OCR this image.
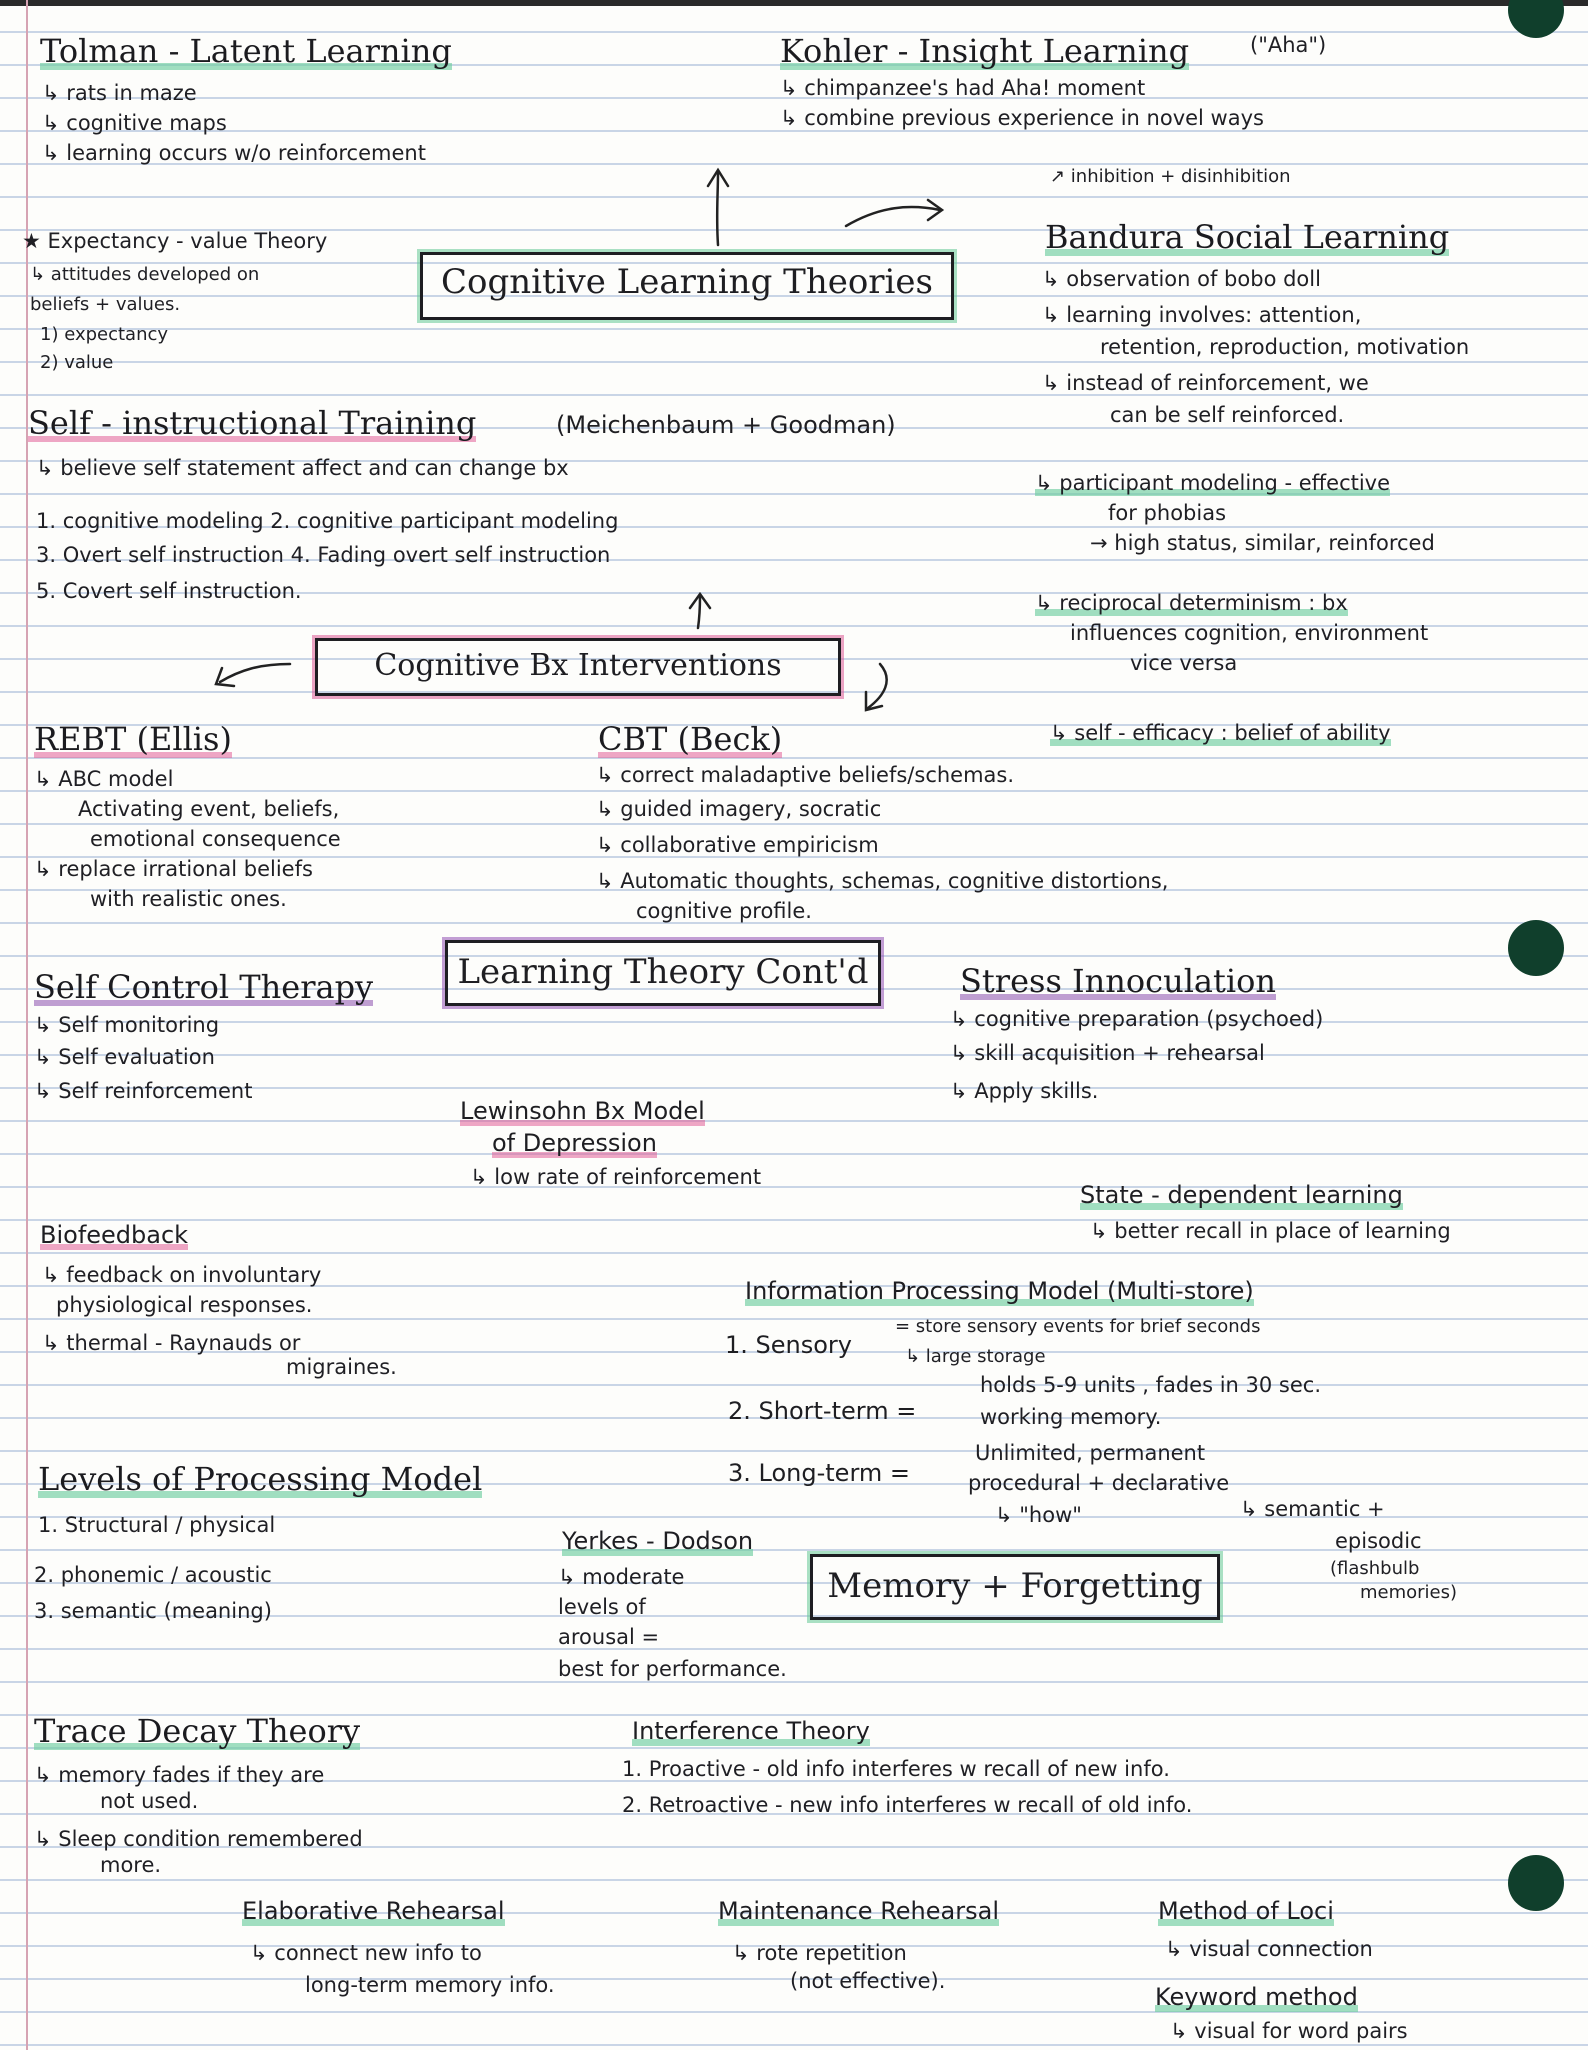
Tolman - Latent Learning
↳ rats in maze
↳ cognitive maps
↳ learning occurs w/o reinforcement
Kohler - Insight Learning	("Aha")
↳ chimpanzee's had Aha! moment
↳ combine previous experience in novel ways
★ Expectancy - value Theory
↳ attitudes developed on
beliefs + values.
1) expectancy
2) value
Cognitive Learning Theories
↗ inhibition + disinhibition
Bandura Social Learning
↳ observation of bobo doll
↳ learning involves: attention,
retention, reproduction, motivation
↳ instead of reinforcement, we
can be self reinforced.
↳ participant modeling - effective
for phobias
→ high status, similar, reinforced
↳ reciprocal determinism : bx
influences cognition, environment
vice versa
↳ self - efficacy : belief of ability
Self - instructional Training	(Meichenbaum + Goodman)
↳ believe self statement affect and can change bx
1. cognitive modeling 2. cognitive participant modeling
3. Overt self instruction 4. Fading overt self instruction
5. Covert self instruction.
Cognitive Bx Interventions
REBT (Ellis)
↳ ABC model
Activating event, beliefs,
emotional consequence
↳ replace irrational beliefs
with realistic ones.
CBT (Beck)
↳ correct maladaptive beliefs/schemas.
↳ guided imagery, socratic
↳ collaborative empiricism
↳ Automatic thoughts, schemas, cognitive distortions,
cognitive profile.
Learning Theory Cont'd
Self Control Therapy
↳ Self monitoring
↳ Self evaluation
↳ Self reinforcement
Stress Innoculation
↳ cognitive preparation (psychoed)
↳ skill acquisition + rehearsal
↳ Apply skills.
Lewinsohn Bx Model
of Depression
↳ low rate of reinforcement
State - dependent learning
↳ better recall in place of learning
Biofeedback
↳ feedback on involuntary
physiological responses.
↳ thermal - Raynauds or
migraines.
Information Processing Model (Multi-store)
1. Sensory
= store sensory events for brief seconds
↳ large storage
2. Short-term =
holds 5-9 units , fades in 30 sec.
working memory.
3. Long-term =
Unlimited, permanent
procedural + declarative
↳ "how"	↳ semantic +
episodic
(flashbulb
memories)
Levels of Processing Model
1. Structural / physical
2. phonemic / acoustic
3. semantic (meaning)
Yerkes - Dodson
↳ moderate
levels of
arousal =
best for performance.
Memory + Forgetting
Trace Decay Theory
↳ memory fades if they are
not used.
↳ Sleep condition remembered
more.
Interference Theory
1. Proactive - old info interferes w recall of new info.
2. Retroactive - new info interferes w recall of old info.
Elaborative Rehearsal
↳ connect new info to
long-term memory info.
Maintenance Rehearsal
↳ rote repetition
(not effective).
Method of Loci
↳ visual connection
Keyword method
↳ visual for word pairs
